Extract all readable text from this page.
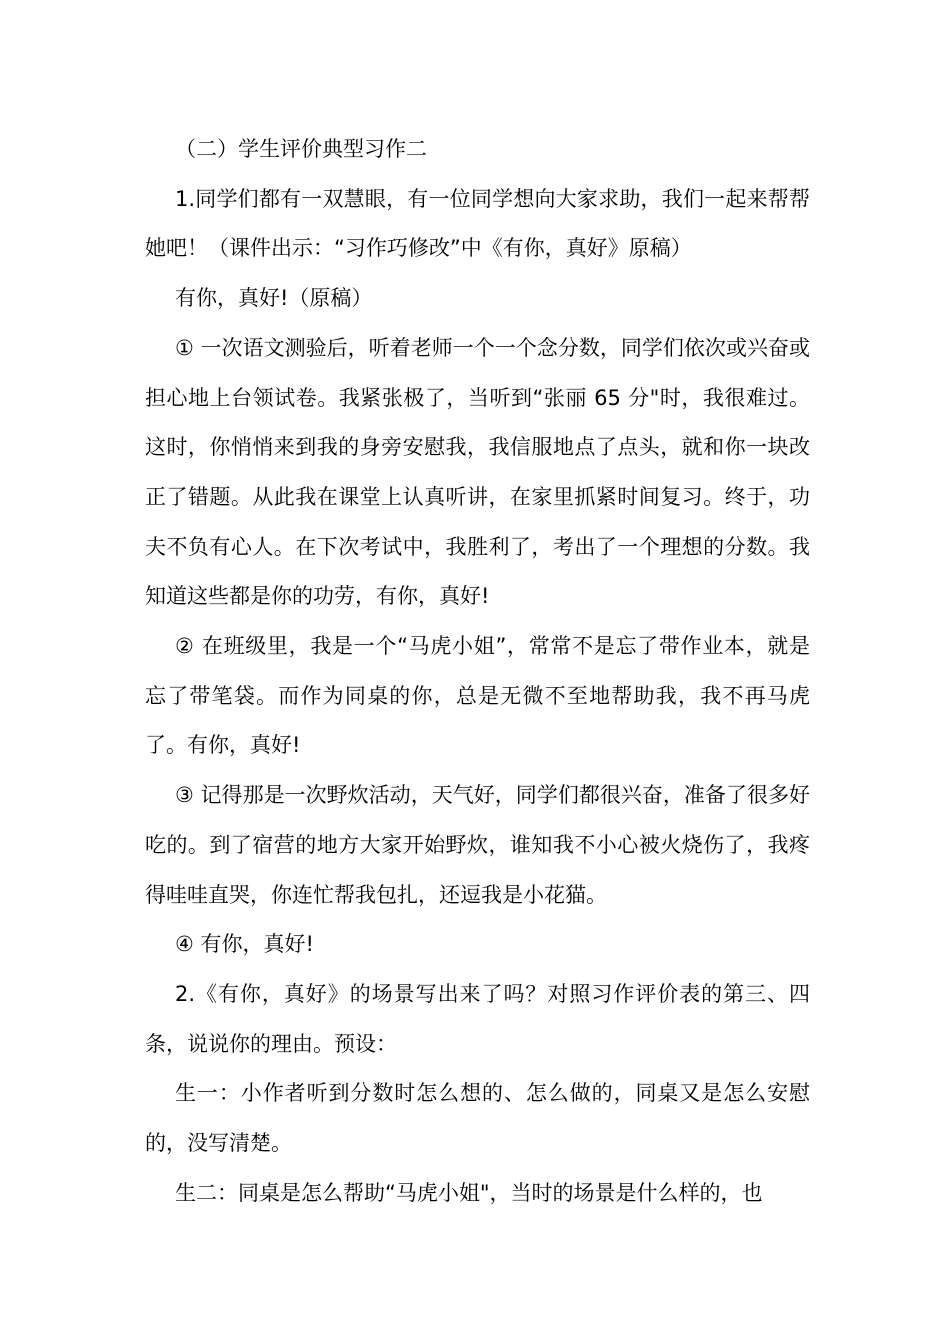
（二）学生评价典型习作二

1.同学们都有一双慧眼，有一位同学想向大家求助，我们一起来帮帮她吧！（课件出示：“习作巧修改”中《有你，真好》原稿）

有你，真好!（原稿）

① 一次语文测验后，听着老师一个一个念分数，同学们依次或兴奋或担心地上台领试卷。我紧张极了，当听到“张丽 65 分"时，我很难过。这时，你悄悄来到我的身旁安慰我，我信服地点了点头，就和你一块改正了错题。从此我在课堂上认真听讲，在家里抓紧时间复习。终于，功夫不负有心人。在下次考试中，我胜利了，考出了一个理想的分数。我知道这些都是你的功劳，有你，真好!

② 在班级里，我是一个“马虎小姐”，常常不是忘了带作业本，就是忘了带笔袋。而作为同桌的你，总是无微不至地帮助我，我不再马虎了。有你，真好!

③ 记得那是一次野炊活动，天气好，同学们都很兴奋，准备了很多好吃的。到了宿营的地方大家开始野炊，谁知我不小心被火烧伤了，我疼得哇哇直哭，你连忙帮我包扎，还逗我是小花猫。

④ 有你，真好!

2.《有你，真好》的场景写出来了吗？对照习作评价表的第三、四条，说说你的理由。预设：

生一：小作者听到分数时怎么想的、怎么做的，同桌又是怎么安慰的，没写清楚。

生二：同桌是怎么帮助“马虎小姐"，当时的场景是什么样的，也
